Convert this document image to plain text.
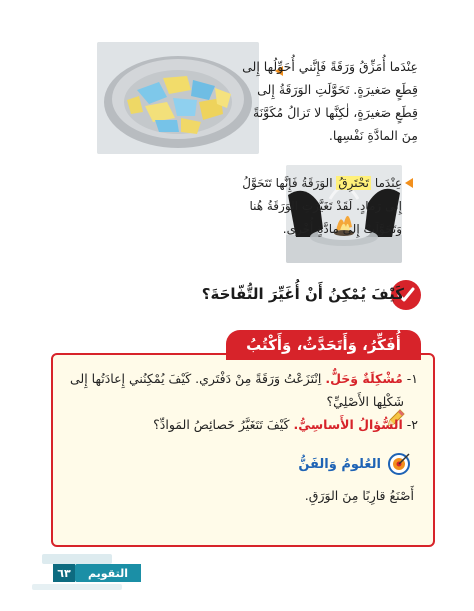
عِنْدَما أُمَزِّقُ وَرَقَةً فَإِنَّني أُحَوِّلُها إِلى
قِطَعٍ صَغيرَةٍ. تَحَوَّلَتِ الوَرَقَةُ إِلى
قِطَعٍ صَغيرَةٍ، لٰكِنَّها لا تَزالُ مُكَوَّنَةً
مِنَ المادَّةِ نَفْسِها.
عِنْدَما تَحْتَرِقُ الوَرَقَةُ فَإِنَّها تَتَحَوَّلُ
إِلى رَمادٍ. لَقَدْ تَغَيَّرَتِ الوَرَقَةُ هُنا
وَتَحَوَّلَتْ إِلى مادَّةٍ أُخْرى.
كَيْفَ يُمْكِنُ أَنْ أُغَيِّرَ التُّفّاحَةَ؟
أُفَكِّرُ، وَأَتَحَدَّثُ، وَأَكْتُبُ
١- مُشْكِلَةٌ وَحَلٌّ. اِنْتَزَعْتُ وَرَقَةً مِنْ دَفْتَري. كَيْفَ يُمْكِنُني إِعادَتُها إِلى
شَكْلِها الأَصْلِيِّ؟
٢- السُّؤالُ الأَساسِيُّ. كَيْفَ تَتَغَيَّرُ خَصائِصُ المَوادِّ؟
العُلومُ وَالفَنُّ
أَصْنَعُ قارِبًا مِنَ الوَرَقِ.
٦٣	التقويم
